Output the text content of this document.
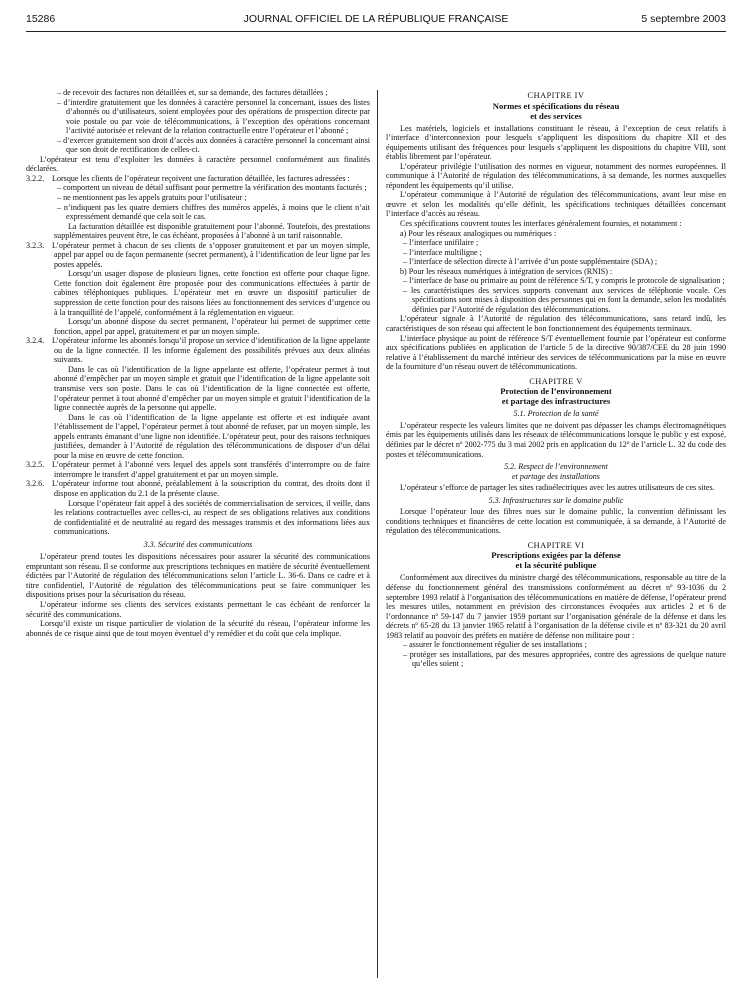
15286	JOURNAL OFFICIEL DE LA RÉPUBLIQUE FRANÇAISE	5 septembre 2003

– de recevoir des factures non détaillées et, sur sa demande, des factures détaillées ;

– d’interdire gratuitement que les données à caractère personnel la concernant, issues des listes d’abonnés ou d’utilisateurs, soient employées pour des opérations de prospection directe par voie postale ou par voie de télécommunications, à l’exception des opérations concernant l’activité autorisée et relevant de la relation contractuelle entre l’opérateur et l’abonné ;

– d’exercer gratuitement son droit d’accès aux données à caractère personnel la concernant ainsi que son droit de rectification de celles-ci.

L’opérateur est tenu d’exploiter les données à caractère personnel conformément aux finalités déclarées.

3.2.2. Lorsque les clients de l’opérateur reçoivent une facturation détaillée, les factures adressées :

– comportent un niveau de détail suffisant pour permettre la vérification des montants facturés ;

– ne mentionnent pas les appels gratuits pour l’utilisateur ;

– n’indiquent pas les quatre derniers chiffres des numéros appelés, à moins que le client n’ait expressément demandé que cela soit le cas.

La facturation détaillée est disponible gratuitement pour l’abonné. Toutefois, des prestations supplémentaires peuvent être, le cas échéant, proposées à l’abonné à un tarif raisonnable.

3.2.3. L’opérateur permet à chacun de ses clients de s’opposer gratuitement et par un moyen simple, appel par appel ou de façon permanente (secret permanent), à l’identification de leur ligne par les postes appelés.

Lorsqu’un usager dispose de plusieurs lignes, cette fonction est offerte pour chaque ligne. Cette fonction doit également être proposée pour des communications effectuées à partir de cabines téléphoniques publiques. L’opérateur met en œuvre un dispositif particulier de suppression de cette fonction pour des raisons liées au fonctionnement des services d’urgence ou à la tranquillité de l’appelé, conformément à la réglementation en vigueur.

Lorsqu’un abonné dispose du secret permanent, l’opérateur lui permet de supprimer cette fonction, appel par appel, gratuitement et par un moyen simple.

3.2.4. L’opérateur informe les abonnés lorsqu’il propose un service d’identification de la ligne appelante ou de la ligne connectée. Il les informe également des possibilités prévues aux deux alinéas suivants.

Dans le cas où l’identification de la ligne appelante est offerte, l’opérateur permet à tout abonné d’empêcher par un moyen simple et gratuit que l’identification de la ligne appelante soit transmise vers son poste. Dans le cas où l’identification de la ligne connectée est offerte, l’opérateur permet à tout abonné d’empêcher par un moyen simple et gratuit l’identification de la ligne connectée auprès de la personne qui appelle.

Dans le cas où l’identification de la ligne appelante est offerte et est indiquée avant l’établissement de l’appel, l’opérateur permet à tout abonné de refuser, par un moyen simple, les appels entrants émanant d’une ligne non identifiée. L’opérateur peut, pour des raisons techniques justifiées, demander à l’Autorité de régulation des télécommunications de disposer d’un délai pour la mise en œuvre de cette fonction.

3.2.5. L’opérateur permet à l’abonné vers lequel des appels sont transférés d’interrompre ou de faire interrompre le transfert d’appel gratuitement et par un moyen simple.

3.2.6. L’opérateur informe tout abonné, préalablement à la souscription du contrat, des droits dont il dispose en application du 2.1 de la présente clause.

Lorsque l’opérateur fait appel à des sociétés de commercialisation de services, il veille, dans les relations contractuelles avec celles-ci, au respect de ses obligations relatives aux conditions de confidentialité et de neutralité au regard des messages transmis et des informations liées aux communications.

3.3. Sécurité des communications

L’opérateur prend toutes les dispositions nécessaires pour assurer la sécurité des communications empruntant son réseau. Il se conforme aux prescriptions techniques en matière de sécurité éventuellement édictées par l’Autorité de régulation des télécommunications selon l’article L. 36-6. Dans ce cadre et à titre confidentiel, l’Autorité de régulation des télécommunications peut se faire communiquer les dispositions prises pour la sécurisation du réseau.

L’opérateur informe ses clients des services existants permettant le cas échéant de renforcer la sécurité des communications.

Lorsqu’il existe un risque particulier de violation de la sécurité du réseau, l’opérateur informe les abonnés de ce risque ainsi que de tout moyen éventuel d’y remédier et du coût que cela implique.

CHAPITRE IV

Normes et spécifications du réseau
et des services

Les matériels, logiciels et installations constituant le réseau, à l’exception de ceux relatifs à l’interface d’interconnexion pour lesquels s’appliquent les dispositions du chapitre XII et des équipements utilisant des fréquences pour lesquels s’appliquent les dispositions du chapitre VIII, sont établis librement par l’opérateur.

L’opérateur privilégie l’utilisation des normes en vigueur, notamment des normes européennes. Il communique à l’Autorité de régulation des télécommunications, à sa demande, les normes auxquelles répondent les équipements qu’il utilise.

L’opérateur communique à l’Autorité de régulation des télécommunications, avant leur mise en œuvre et selon les modalités qu’elle définit, les spécifications techniques détaillées concernant l’interface d’accès au réseau.

Ces spécifications couvrent toutes les interfaces généralement fournies, et notamment :

a) Pour les réseaux analogiques ou numériques :

– l’interface unifilaire ;

– l’interface multiligne ;

– l’interface de sélection directe à l’arrivée d’un poste supplémentaire (SDA) ;

b) Pour les réseaux numériques à intégration de services (RNIS) :

– l’interface de base ou primaire au point de référence S/T, y compris le protocole de signalisation ;

– les caractéristiques des services supports convenant aux services de téléphonie vocale. Ces spécifications sont mises à disposition des personnes qui en font la demande, selon les modalités définies par l’Autorité de régulation des télécommunications.

L’opérateur signale à l’Autorité de régulation des télécommunications, sans retard indû, les caractéristiques de son réseau qui affectent le bon fonctionnement des équipements terminaux.

L’interface physique au point de référence S/T éventuellement fournie par l’opérateur est conforme aux spécifications publiées en application de l’article 5 de la directive 90/387/CEE du 28 juin 1990 relative à l’établissement du marché intérieur des services de télécommunications par la mise en œuvre de la fourniture d’un réseau ouvert de télécommunications.

CHAPITRE V

Protection de l’environnement
et partage des infrastructures

5.1. Protection de la santé

L’opérateur respecte les valeurs limites que ne doivent pas dépasser les champs électromagnétiques émis par les équipements utilisés dans les réseaux de télécommunications lorsque le public y est exposé, définies par le décret nº 2002-775 du 3 mai 2002 pris en application du 12º de l’article L. 32 du code des postes et télécommunications.

5.2. Respect de l’environnement
et partage des installations

L’opérateur s’efforce de partager les sites radioélectriques avec les autres utilisateurs de ces sites.

5.3. Infrastructures sur le domaine public

Lorsque l’opérateur loue des fibres nues sur le domaine public, la convention définissant les conditions techniques et financières de cette location est communiquée, à sa demande, à l’Autorité de régulation des télécommunications.

CHAPITRE VI

Prescriptions exigées par la défense
et la sécurité publique

Conformément aux directives du ministre chargé des télécommunications, responsable au titre de la défense du fonctionnement général des transmissions conformément au décret nº 93-1036 du 2 septembre 1993 relatif à l’organisation des télécommunications en matière de défense, l’opérateur prend les mesures utiles, notamment en prévision des circonstances évoquées aux articles 2 et 6 de l’ordonnance nº 59-147 du 7 janvier 1959 portant sur l’organisation générale de la défense et dans les décrets nº 65-28 du 13 janvier 1965 relatif à l’organisation de la défense civile et nº 83-321 du 20 avril 1983 relatif au pouvoir des préfets en matière de défense non militaire pour :

– assurer le fonctionnement régulier de ses installations ;

– protéger ses installations, par des mesures appropriées, contre des agressions de quelque nature qu’elles soient ;
